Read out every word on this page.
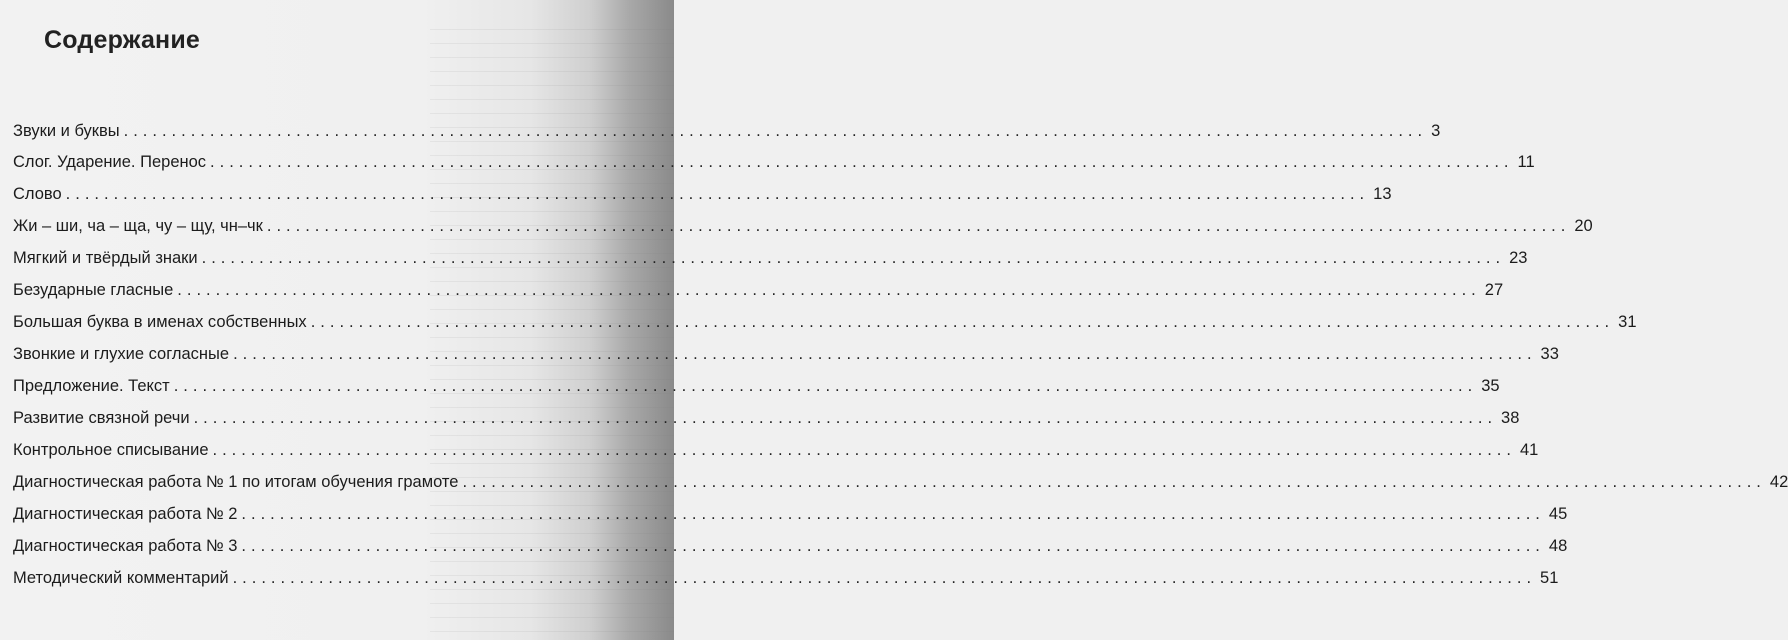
Содержание
Звуки и буквы ........................................................................................................................................ 3
Слог. Ударение. Перенос ........................................................................................................................................ 11
Слово ........................................................................................................................................ 13
Жи – ши, ча – ща, чу – щу, чн–чк ........................................................................................................................................ 20
Мягкий и твёрдый знаки ........................................................................................................................................ 23
Безударные гласные ........................................................................................................................................ 27
Большая буква в именах собственных ........................................................................................................................................ 31
Звонкие и глухие согласные ........................................................................................................................................ 33
Предложение. Текст ........................................................................................................................................ 35
Развитие связной речи ........................................................................................................................................ 38
Контрольное списывание ........................................................................................................................................ 41
Диагностическая работа № 1 по итогам обучения грамоте ........................................................................................................................................ 42
Диагностическая работа № 2 ........................................................................................................................................ 45
Диагностическая работа № 3 ........................................................................................................................................ 48
Методический комментарий ........................................................................................................................................ 51
